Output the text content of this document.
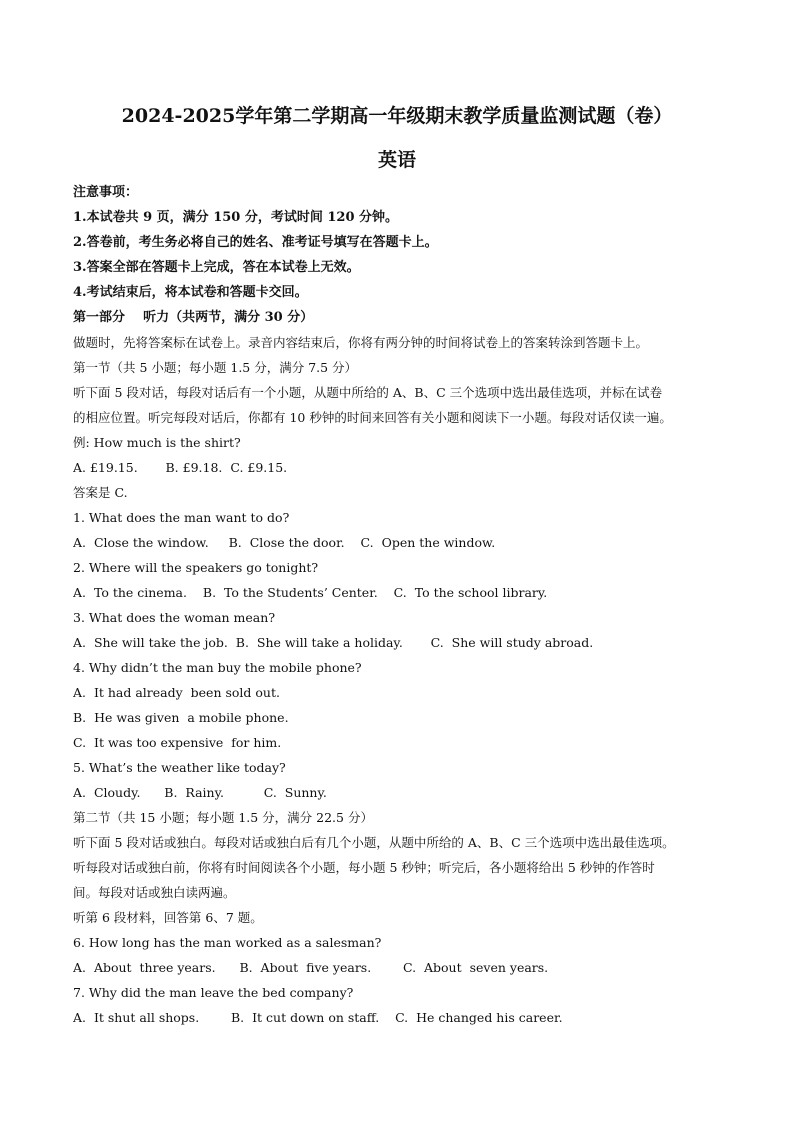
2024-2025学年第二学期高一年级期末教学质量监测试题（卷）
英语
注意事项：
1.本试卷共 9 页，满分 150 分，考试时间 120 分钟。
2.答卷前，考生务必将自己的姓名、准考证号填写在答题卡上。
3.答案全部在答题卡上完成，答在本试卷上无效。
4.考试结束后，将本试卷和答题卡交回。
第一部分    听力（共两节，满分 30 分）
做题时，先将答案标在试卷上。录音内容结束后，你将有两分钟的时间将试卷上的答案转涂到答题卡上。
第一节（共 5 小题；每小题 1.5 分，满分 7.5 分）
听下面 5 段对话，每段对话后有一个小题，从题中所给的 A、B、C 三个选项中选出最佳选项，并标在试卷
的相应位置。听完每段对话后，你都有 10 秒钟的时间来回答有关小题和阅读下一小题。每段对话仅读一遍。
例: How much is the shirt?
A. £19.15.       B. £9.18.  C. £9.15.
答案是 C.
1. What does the man want to do?
A.  Close the window.     B.  Close the door.    C.  Open the window.
2. Where will the speakers go tonight?
A.  To the cinema.    B.  To the Students’ Center.    C.  To the school library.
3. What does the woman mean?
A.  She will take the job.  B.  She will take a holiday.       C.  She will study abroad.
4. Why didn’t the man buy the mobile phone?
A.  It had already  been sold out.
B.  He was given  a mobile phone.
C.  It was too expensive  for him.
5. What’s the weather like today?
A.  Cloudy.      B.  Rainy.          C.  Sunny.
第二节（共 15 小题；每小题 1.5 分，满分 22.5 分）
听下面 5 段对话或独白。每段对话或独白后有几个小题，从题中所给的 A、B、C 三个选项中选出最佳选项。
听每段对话或独白前，你将有时间阅读各个小题，每小题 5 秒钟；听完后，各小题将给出 5 秒钟的作答时
间。每段对话或独白读两遍。
听第 6 段材料，回答第 6、7 题。
6. How long has the man worked as a salesman?
A.  About  three years.      B.  About  five years.        C.  About  seven years.
7. Why did the man leave the bed company?
A.  It shut all shops.        B.  It cut down on staff.    C.  He changed his career.
